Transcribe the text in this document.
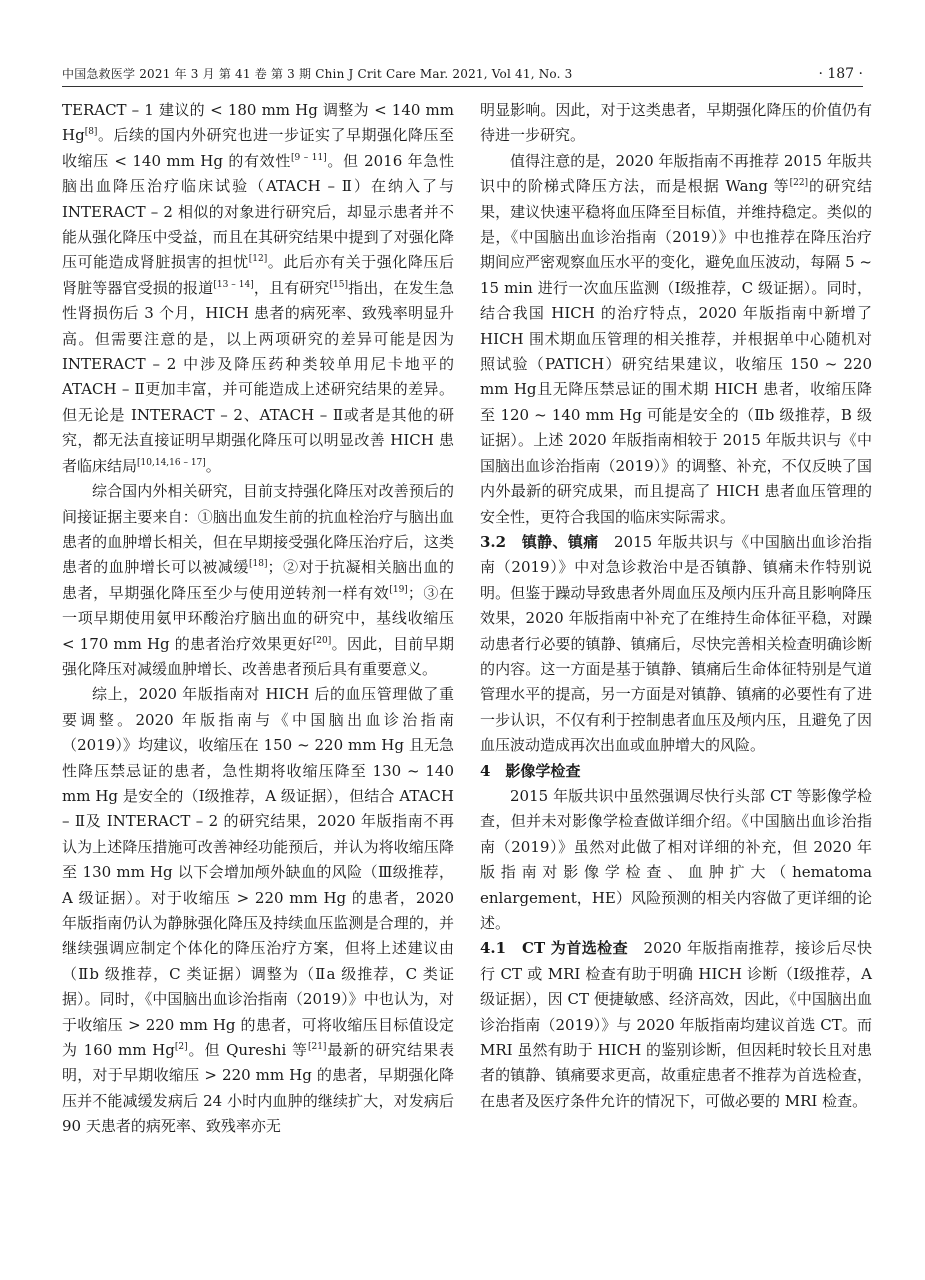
中国急救医学 2021 年 3 月 第 41 卷 第 3 期 Chin J Crit Care Mar. 2021, Vol 41, No. 3	· 187 ·

TERACT – 1 建议的 < 180 mm Hg 调整为 < 140 mm Hg[8]。后续的国内外研究也进一步证实了早期强化降压至收缩压 < 140 mm Hg 的有效性[9 – 11]。但 2016 年急性脑出血降压治疗临床试验（ATACH – Ⅱ）在纳入了与 INTERACT – 2 相似的对象进行研究后，却显示患者并不能从强化降压中受益，而且在其研究结果中提到了对强化降压可能造成肾脏损害的担忧[12]。此后亦有关于强化降压后肾脏等器官受损的报道[13 – 14]，且有研究[15]指出，在发生急性肾损伤后 3 个月，HICH 患者的病死率、致残率明显升高。但需要注意的是，以上两项研究的差异可能是因为 INTERACT – 2 中涉及降压药种类较单用尼卡地平的ATACH – Ⅱ更加丰富，并可能造成上述研究结果的差异。但无论是 INTERACT – 2、ATACH – Ⅱ或者是其他的研究，都无法直接证明早期强化降压可以明显改善 HICH 患者临床结局[10,14,16 – 17]。

综合国内外相关研究，目前支持强化降压对改善预后的间接证据主要来自：①脑出血发生前的抗血栓治疗与脑出血患者的血肿增长相关，但在早期接受强化降压治疗后，这类患者的血肿增长可以被减缓[18]；②对于抗凝相关脑出血的患者，早期强化降压至少与使用逆转剂一样有效[19]；③在一项早期使用氨甲环酸治疗脑出血的研究中，基线收缩压 < 170 mm Hg 的患者治疗效果更好[20]。因此，目前早期强化降压对减缓血肿增长、改善患者预后具有重要意义。

综上，2020 年版指南对 HICH 后的血压管理做了重要调整。2020 年版指南与《中国脑出血诊治指南（2019）》均建议，收缩压在 150 ~ 220 mm Hg 且无急性降压禁忌证的患者，急性期将收缩压降至 130 ~ 140 mm Hg 是安全的（Ⅰ级推荐，A 级证据），但结合 ATACH – Ⅱ及 INTERACT – 2 的研究结果，2020 年版指南不再认为上述降压措施可改善神经功能预后，并认为将收缩压降至 130 mm Hg 以下会增加颅外缺血的风险（Ⅲ级推荐，A 级证据）。对于收缩压 > 220 mm Hg 的患者，2020 年版指南仍认为静脉强化降压及持续血压监测是合理的，并继续强调应制定个体化的降压治疗方案，但将上述建议由（Ⅱb 级推荐，C 类证据）调整为（Ⅱa 级推荐，C 类证据）。同时，《中国脑出血诊治指南（2019）》中也认为，对于收缩压 > 220 mm Hg 的患者，可将收缩压目标值设定为 160 mm Hg[2]。但 Qureshi 等[21]最新的研究结果表明，对于早期收缩压 > 220 mm Hg 的患者，早期强化降压并不能减缓发病后 24 小时内血肿的继续扩大，对发病后 90 天患者的病死率、致残率亦无

明显影响。因此，对于这类患者，早期强化降压的价值仍有待进一步研究。

值得注意的是，2020 年版指南不再推荐 2015 年版共识中的阶梯式降压方法，而是根据 Wang 等[22]的研究结果，建议快速平稳将血压降至目标值，并维持稳定。类似的是，《中国脑出血诊治指南（2019）》中也推荐在降压治疗期间应严密观察血压水平的变化，避免血压波动，每隔 5 ~ 15 min 进行一次血压监测（Ⅰ级推荐，C 级证据）。同时，结合我国 HICH 的治疗特点，2020 年版指南中新增了 HICH 围术期血压管理的相关推荐，并根据单中心随机对照试验（PATICH）研究结果建议，收缩压 150 ~ 220 mm Hg且无降压禁忌证的围术期 HICH 患者，收缩压降至 120 ~ 140 mm Hg 可能是安全的（Ⅱb 级推荐，B 级证据）。上述 2020 年版指南相较于 2015 年版共识与《中国脑出血诊治指南（2019）》的调整、补充，不仅反映了国内外最新的研究成果，而且提高了 HICH 患者血压管理的安全性，更符合我国的临床实际需求。

3.2　镇静、镇痛　2015 年版共识与《中国脑出血诊治指南（2019）》中对急诊救治中是否镇静、镇痛未作特别说明。但鉴于躁动导致患者外周血压及颅内压升高且影响降压效果，2020 年版指南中补充了在维持生命体征平稳，对躁动患者行必要的镇静、镇痛后，尽快完善相关检查明确诊断的内容。这一方面是基于镇静、镇痛后生命体征特别是气道管理水平的提高，另一方面是对镇静、镇痛的必要性有了进一步认识，不仅有利于控制患者血压及颅内压，且避免了因血压波动造成再次出血或血肿增大的风险。

4　影像学检查

2015 年版共识中虽然强调尽快行头部 CT 等影像学检查，但并未对影像学检查做详细介绍。《中国脑出血诊治指南（2019）》虽然对此做了相对详细的补充，但 2020 年版指南对影像学检查、血肿扩大（hematoma enlargement，HE）风险预测的相关内容做了更详细的论述。

4.1　CT 为首选检查　2020 年版指南推荐，接诊后尽快行 CT 或 MRI 检查有助于明确 HICH 诊断（Ⅰ级推荐，A 级证据），因 CT 便捷敏感、经济高效，因此，《中国脑出血诊治指南（2019）》与 2020 年版指南均建议首选 CT。而 MRI 虽然有助于 HICH 的鉴别诊断，但因耗时较长且对患者的镇静、镇痛要求更高，故重症患者不推荐为首选检查，在患者及医疗条件允许的情况下，可做必要的 MRI 检查。
